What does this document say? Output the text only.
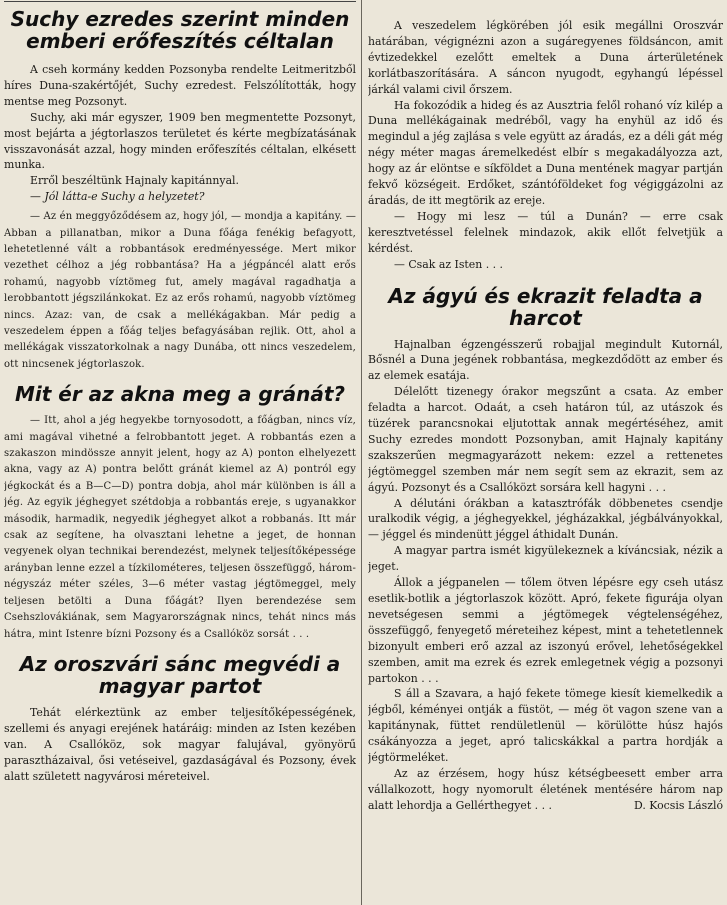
Suchy ezredes szerint minden emberi erőfeszítés céltalan

A cseh kormány kedden Pozsonyba rendelte Leitmeritzből híres Duna-szakértőjét, Suchy ezredest. Felszólították, hogy mentse meg Pozsonyt.

Suchy, aki már egyszer, 1909 ben megmentette Pozsonyt, most bejárta a jégtorlaszos területet és kérte megbízatásának visszavonását azzal, hogy minden erőfeszítés céltalan, elkésett munka.

Erről beszéltünk Hajnaly kapitánnyal.

— Jól látta-e Suchy a helyzetet?

— Az én meggyőződésem az, hogy jól, — mondja a kapitány. — Abban a pillanatban, mikor a Duna főága fenékig befagyott, lehetetlenné vált a robbantások eredményessége. Mert mikor vezethet célhoz a jég robbantása? Ha a jégpáncél alatt erős rohamú, nagyobb víztömeg fut, amely magával ragadhatja a lerobbantott jégszilánkokat. Ez az erős rohamú, nagyobb víztömeg nincs. Azaz: van, de csak a mellékágakban. Már pedig a veszedelem éppen a főág teljes befagyásában rejlik. Ott, ahol a mellékágak visszatorkolnak a nagy Dunába, ott nincs veszedelem, ott nincsenek jégtorlaszok.

Mit ér az akna meg a gránát?

— Itt, ahol a jég hegyekbe tornyosodott, a főágban, nincs víz, ami magával vihetné a felrobbantott jeget. A robbantás ezen a szakaszon mindössze annyit jelent, hogy az A) ponton elhelyezett akna, vagy az A) pontra belőtt gránát kiemel az A) pontról egy jégkockát és a B—C—D) pontra dobja, ahol már különben is áll a jég. Az egyik jéghegyet szétdobja a robbantás ereje, s ugyanakkor második, harmadik, negyedik jéghegyet alkot a robbanás. Itt már csak az segítene, ha olvasztani lehetne a jeget, de honnan vegyenek olyan technikai berendezést, melynek teljesítőképessége arányban lenne ezzel a tízkilométeres, teljesen összefüggő, három-négyszáz méter széles, 3—6 méter vastag jégtömeggel, mely teljesen betölti a Duna főágát? Ilyen berendezése sem Csehszlovákiának, sem Magyarországnak nincs, tehát nincs más hátra, mint Istenre bízni Pozsony és a Csallóköz sorsát . . .

Az oroszvári sánc megvédi a magyar partot

Tehát elérkeztünk az ember teljesítőképességének, szellemi és anyagi erejének határáig: minden az Isten kezében van. A Csallóköz, sok magyar falujával, gyönyörű parasztházaival, ősi vetéseivel, gazdaságával és Pozsony, évek alatt született nagyvárosi méreteivel.

A veszedelem légkörében jól esik megállni Oroszvár határában, végignézni azon a sugáregyenes földsáncon, amit évtizedekkel ezelőtt emeltek a Duna árterületének korlátbaszorítására. A sáncon nyugodt, egyhangú lépéssel járkál valami civil őrszem.

Ha fokozódik a hideg és az Ausztria felől rohanó víz kilép a Duna mellékágainak medréből, vagy ha enyhül az idő és megindul a jég zajlása s vele együtt az áradás, ez a déli gát még négy méter magas áremelkedést elbír s megakadályozza azt, hogy az ár elöntse e síkföldet a Duna mentének magyar partján fekvő községeit. Erdőket, szántóföldeket fog végiggázolni az áradás, de itt megtörik az ereje.

— Hogy mi lesz — túl a Dunán? — erre csak keresztvetéssel felelnek mindazok, akik ellőt felvetjük a kérdést.

— Csak az Isten . . .

Az ágyú és ekrazit feladta a harcot

Hajnalban égzengésszerű robajjal megindult Kutornál, Bősnél a Duna jegének robbantása, megkezdődött az ember és az elemek esatája.

Délelőtt tizenegy órakor megszűnt a csata. Az ember feladta a harcot. Odaát, a cseh határon túl, az utászok és tüzérek parancsnokai eljutottak annak megértéséhez, amit Suchy ezredes mondott Pozsonyban, amit Hajnaly kapitány szakszerűen megmagyarázott nekem: ezzel a rettenetes jégtömeggel szemben már nem segít sem az ekrazit, sem az ágyú. Pozsonyt és a Csallóközt sorsára kell hagyni . . .

A délutáni órákban a katasztrófák döbbenetes csendje uralkodik végig, a jéghegyekkel, jégházakkal, jégbálványokkal, — jéggel és mindenütt jéggel áthidalt Dunán.

A magyar partra ismét kigyülekeznek a kíváncsiak, nézik a jeget.

Állok a jégpanelen — tőlem ötven lépésre egy cseh utász esetlik-botlik a jégtorlaszok között. Apró, fekete figurája olyan nevetségesen semmi a jégtömegek végtelenségéhez, összefüggő, fenyegető méreteihez képest, mint a tehetetlennek bizonyult emberi erő azzal az iszonyú erővel, lehetőségekkel szemben, amit ma ezrek és ezrek emlegetnek végig a pozsonyi partokon . . .

S áll a Szavara, a hajó fekete tömege kiesít kiemelkedik a jégből, kéményei ontják a füstöt, — még öt vagon szene van a kapitánynak, füttet rendületlenül — körülötte húsz hajós csákányozza a jeget, apró talicskákkal a partra hordják a jégtörmeléket.

Az az érzésem, hogy húsz kétségbeesett ember arra vállalkozott, hogy nyomorult életének mentésére három nap alatt lehordja a Gellérthegyet . . .	D. Kocsis László
